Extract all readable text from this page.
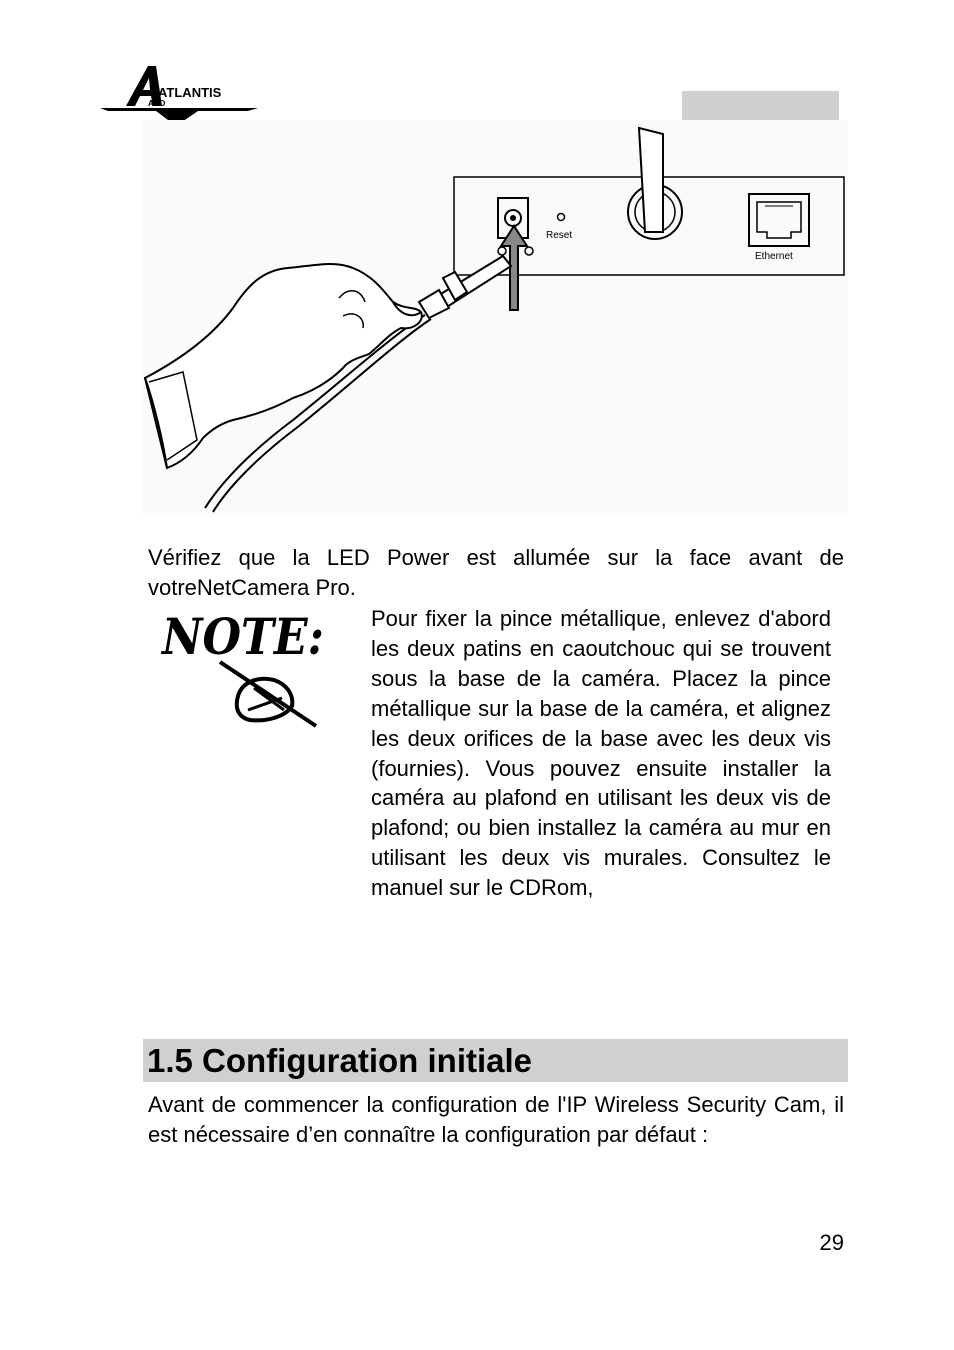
ATLANTIS
AND
Reset
Ethernet

Vérifiez que la LED Power est allumée sur la face avant de votreNetCamera Pro.

NOTE: Pour fixer la pince métallique, enlevez d'abord les deux patins en caoutchouc qui se trouvent sous la base de la caméra. Placez la pince métallique sur la base de la caméra, et alignez les deux orifices de la base avec les deux vis (fournies). Vous pouvez ensuite installer la caméra au plafond en utilisant les deux vis de plafond; ou bien installez la caméra au mur en utilisant les deux vis murales. Consultez le manuel sur le CDRom,

1.5 Configuration initiale

Avant de commencer la configuration de l'IP Wireless Security Cam, il est nécessaire d’en connaître la configuration par défaut :

29
